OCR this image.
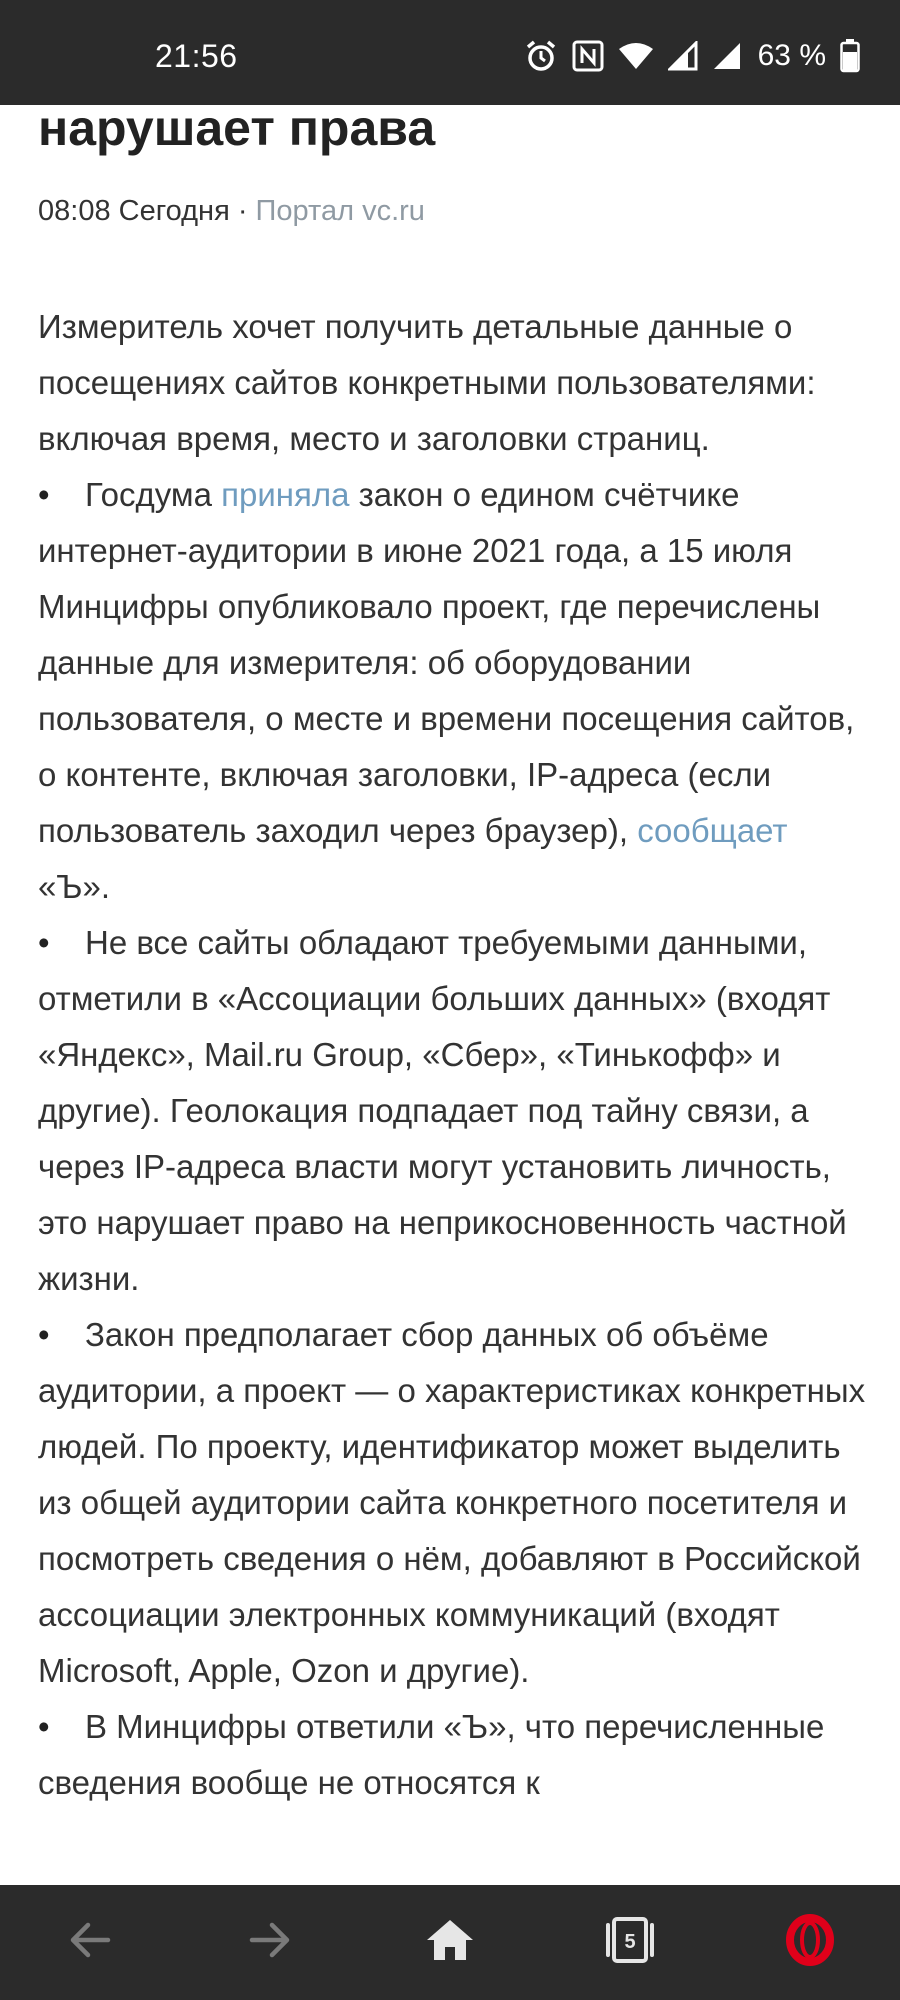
21:56	63 %
нарушает права
08:08 Сегодня · Портал vc.ru

Измеритель хочет получить детальные данные о посещениях сайтов конкретными пользователями: включая время, место и заголовки страниц.

• Госдума приняла закон о едином счётчике интернет-аудитории в июне 2021 года, а 15 июля Минцифры опубликовало проект, где перечислены данные для измерителя: об оборудовании пользователя, о месте и времени посещения сайтов, о контенте, включая заголовки, IP-адреса (если пользователь заходил через браузер), сообщает «Ъ».
• Не все сайты обладают требуемыми данными, отметили в «Ассоциации больших данных» (входят «Яндекс», Mail.ru Group, «Сбер», «Тинькофф» и другие). Геолокация подпадает под тайну связи, а через IP-адреса власти могут установить личность, это нарушает право на неприкосновенность частной жизни.
• Закон предполагает сбор данных об объёме аудитории, а проект — о характеристиках конкретных людей. По проекту, идентификатор может выделить из общей аудитории сайта конкретного посетителя и посмотреть сведения о нём, добавляют в Российской ассоциации электронных коммуникаций (входят Microsoft, Apple, Ozon и другие).
• В Минцифры ответили «Ъ», что перечисленные сведения вообще не относятся к
5
